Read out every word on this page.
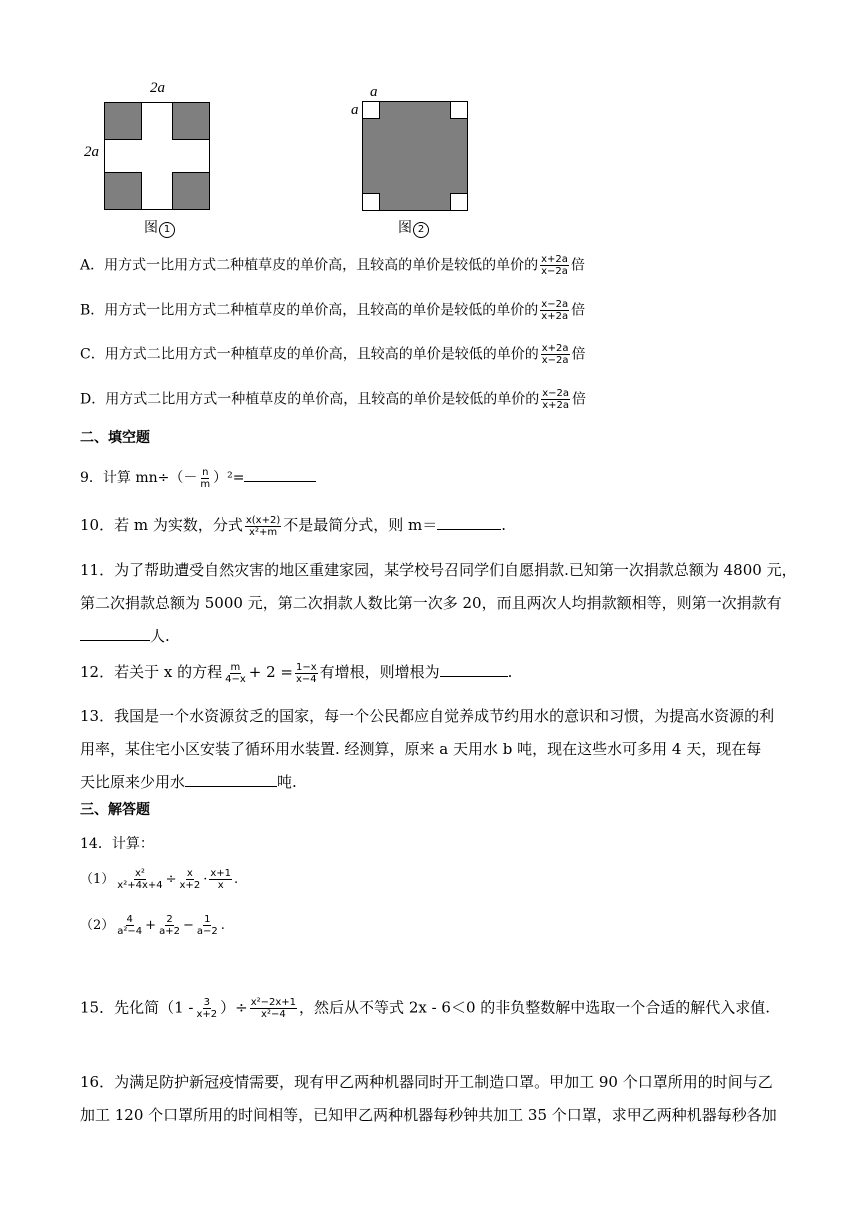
2a
2a
图 1
a
a
图 2
A．用方式一比用方式二种植草皮的单价高，且较高的单价是较低的单价的 $\frac{x+2a}{x-2a}$ 倍
B．用方式一比用方式二种植草皮的单价高，且较高的单价是较低的单价的 $\frac{x-2a}{x+2a}$ 倍
C．用方式二比用方式一种植草皮的单价高，且较高的单价是较低的单价的 $\frac{x+2a}{x-2a}$ 倍
D．用方式二比用方式一种植草皮的单价高，且较高的单价是较低的单价的 $\frac{x-2a}{x+2a}$ 倍
二、填空题
9．计算 $mn\div(- \frac{n}{m} )^2=$
10．若 m 为实数，分式 $\frac{x(x+2)}{\text{x²+m}}$ 不是最简分式，则 m＝	.
11．为了帮助遭受自然灾害的地区重建家园，某学校号召同学们自愿捐款.已知第一次捐款总额为 4800 元，
第二次捐款总额为 5000 元，第二次捐款人数比第一次多 20，而且两次人均捐款额相等，则第一次捐款有
人.
12．若关于 x 的方程 $\frac{m}{4-x} + 2 = \frac{1-x}{x-4}$ 有增根，则增根为	.
13．我国是一个水资源贫乏的国家，每一个公民都应自觉养成节约用水的意识和习惯，为提高水资源的利
用率，某住宅小区安装了循环用水装置. 经测算，原来 a 天用水 b 吨，现在这些水可多用 4 天，现在每
天比原来少用水	吨.
三、解答题
14．计算：
$(1) \frac{\text{x²}}{\text{x²+4x+4}} \div \frac{x}{x+2} \cdot \frac{x+1}{x}$ .
$(2) \frac{4}{\text{a²−4}} + \frac{2}{a+2} - \frac{1}{a-2}$ .
15．先化简（$1 - \frac{3}{x+2}$ ）÷ $\frac{\text{x²−2x+1}}{\text{x²−4}}$ ，然后从不等式 2x - 6＜0 的非负整数解中选取一个合适的解代入求值.
16．为满足防护新冠疫情需要，现有甲乙两种机器同时开工制造口罩。甲加工 90 个口罩所用的时间与乙
加工 120 个口罩所用的时间相等，已知甲乙两种机器每秒钟共加工 35 个口罩，求甲乙两种机器每秒各加
